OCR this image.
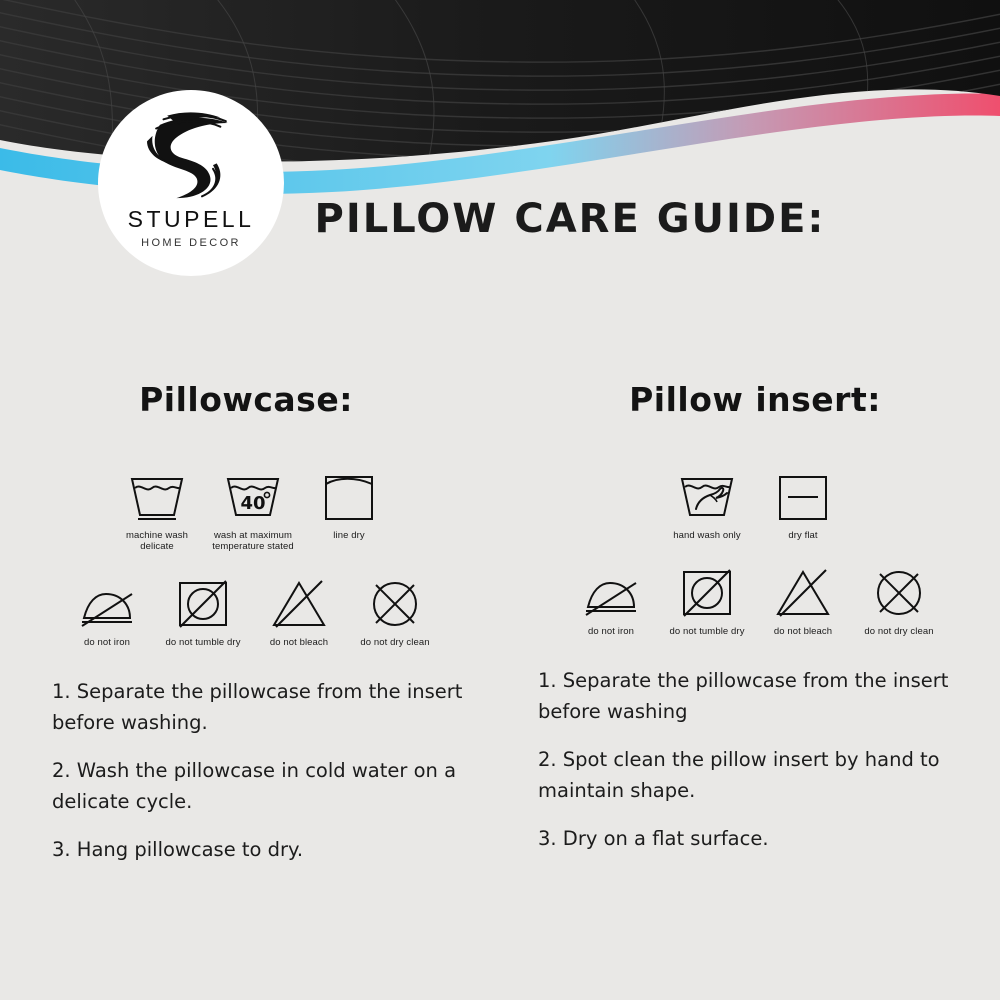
STUPELL
HOME DECOR
PILLOW CARE GUIDE:
Pillowcase:
machine wash
delicate
40
wash at maximum
temperature stated
line dry
do not iron	do not tumble dry	do not bleach	do not dry clean
1. Separate the pillowcase from the insert before washing.
2. Wash the pillowcase in cold water on a delicate cycle.
3. Hang pillowcase to dry.
Pillow insert:
hand wash only	dry flat
do not iron	do not tumble dry	do not bleach	do not dry clean
1. Separate the pillowcase from the insert before washing
2. Spot clean the pillow insert by hand to maintain shape.
3. Dry on a flat surface.
